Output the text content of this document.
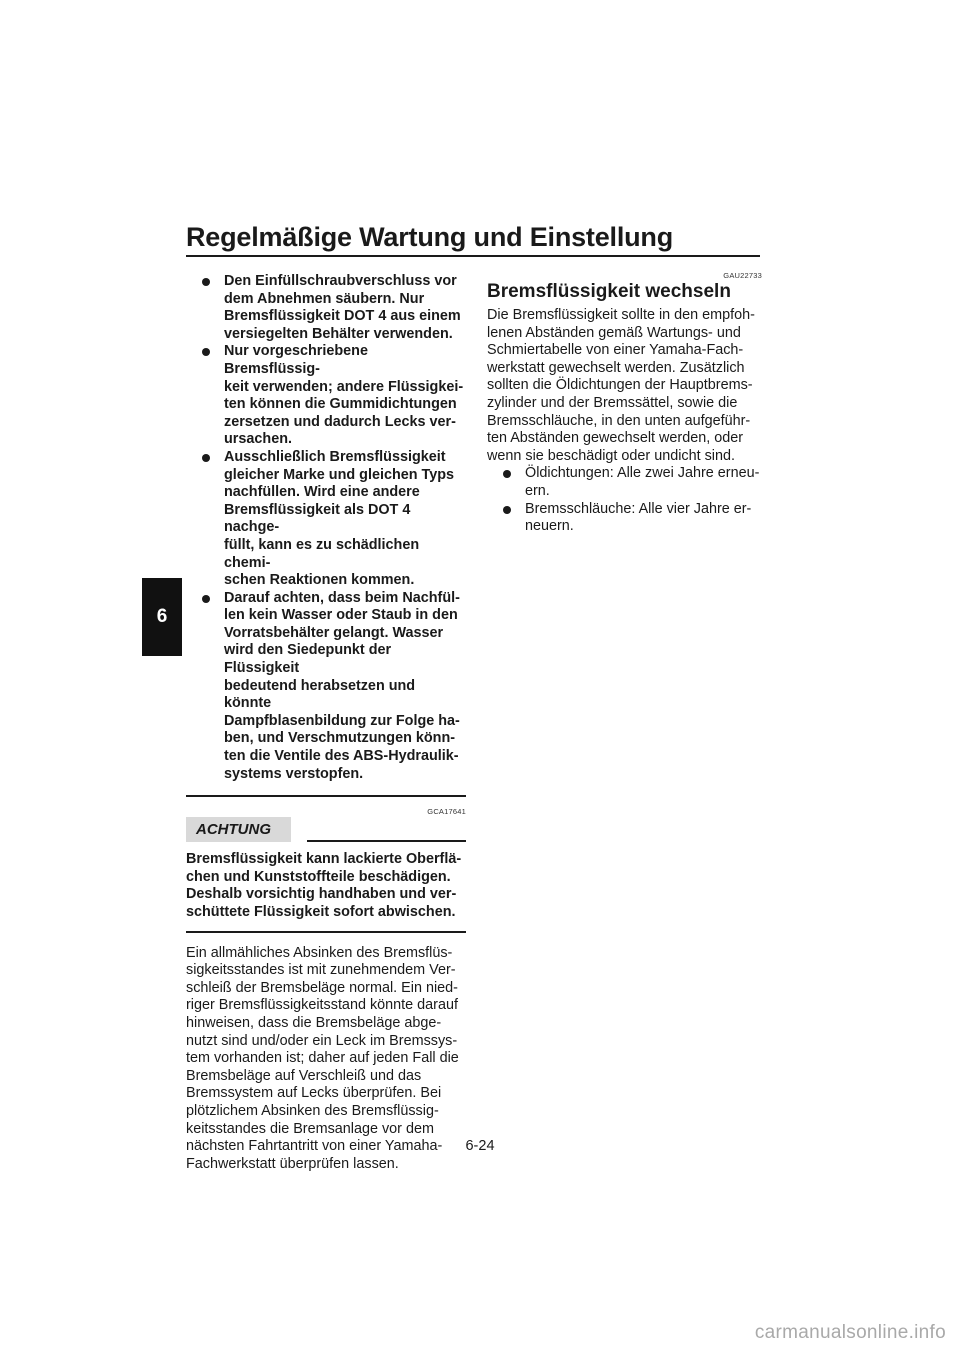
Regelmäßige Wartung und Einstellung
6
Den Einfüllschraubverschluss vor
dem Abnehmen säubern. Nur
Bremsflüssigkeit DOT 4 aus einem
versiegelten Behälter verwenden.
Nur vorgeschriebene Bremsflüssig-
keit verwenden; andere Flüssigkei-
ten können die Gummidichtungen
zersetzen und dadurch Lecks ver-
ursachen.
Ausschließlich Bremsflüssigkeit
gleicher Marke und gleichen Typs
nachfüllen. Wird eine andere
Bremsflüssigkeit als DOT 4 nachge-
füllt, kann es zu schädlichen chemi-
schen Reaktionen kommen.
Darauf achten, dass beim Nachfül-
len kein Wasser oder Staub in den
Vorratsbehälter gelangt. Wasser
wird den Siedepunkt der Flüssigkeit
bedeutend herabsetzen und könnte
Dampfblasenbildung zur Folge ha-
ben, und Verschmutzungen könn-
ten die Ventile des ABS-Hydraulik-
systems verstopfen.
GCA17641
ACHTUNG
Bremsflüssigkeit kann lackierte Oberflä-
chen und Kunststoffteile beschädigen.
Deshalb vorsichtig handhaben und ver-
schüttete Flüssigkeit sofort abwischen.
Ein allmähliches Absinken des Bremsflüs-
sigkeitsstandes ist mit zunehmendem Ver-
schleiß der Bremsbeläge normal. Ein nied-
riger Bremsflüssigkeitsstand könnte darauf
hinweisen, dass die Bremsbeläge abge-
nutzt sind und/oder ein Leck im Bremssys-
tem vorhanden ist; daher auf jeden Fall die
Bremsbeläge auf Verschleiß und das
Bremssystem auf Lecks überprüfen. Bei
plötzlichem Absinken des Bremsflüssig-
keitsstandes die Bremsanlage vor dem
nächsten Fahrtantritt von einer Yamaha-
Fachwerkstatt überprüfen lassen.
GAU22733
Bremsflüssigkeit wechseln
Die Bremsflüssigkeit sollte in den empfoh-
lenen Abständen gemäß Wartungs- und
Schmiertabelle von einer Yamaha-Fach-
werkstatt gewechselt werden. Zusätzlich
sollten die Öldichtungen der Hauptbrems-
zylinder und der Bremssättel, sowie die
Bremsschläuche, in den unten aufgeführ-
ten Abständen gewechselt werden, oder
wenn sie beschädigt oder undicht sind.
Öldichtungen: Alle zwei Jahre erneu-
ern.
Bremsschläuche: Alle vier Jahre er-
neuern.
6-24
carmanualsonline.info
